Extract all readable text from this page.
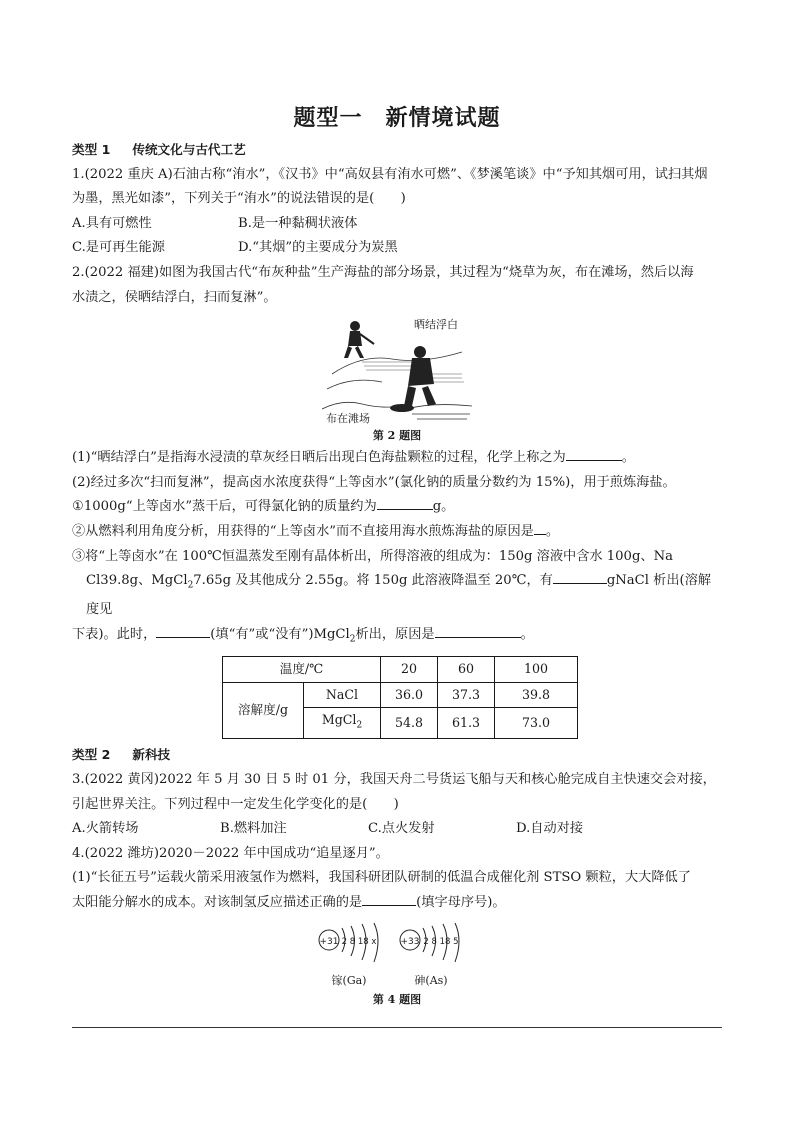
题型一　新情境试题
类型 1 传统文化与古代工艺

1.(2022 重庆 A)石油古称“洧水”，《汉书》中“高奴县有洧水可燃”、《梦溪笔谈》中“予知其烟可用，试扫其烟

为墨，黑光如漆”，下列关于“洧水”的说法错误的是(　　)

A.具有可燃性	B.是一种黏稠状液体
C.是可再生能源	D.“其烟”的主要成分为炭黑

2.(2022 福建)如图为我国古代“布灰种盐”生产海盐的部分场景，其过程为“烧草为灰，布在滩场，然后以海

水渍之，侯晒结浮白，扫而复淋”。

晒结浮白
布在滩场
第 2 题图

(1)“晒结浮白”是指海水浸渍的草灰经日晒后出现白色海盐颗粒的过程，化学上称之为	。

(2)经过多次“扫而复淋”，提高卤水浓度获得“上等卤水”(氯化钠的质量分数约为 15%)，用于煎炼海盐。

①1000g“上等卤水”蒸干后，可得氯化钠的质量约为	g。

②从燃料利用角度分析，用获得的“上等卤水”而不直接用海水煎炼海盐的原因是 。

③将“上等卤水”在 100℃恒温蒸发至刚有晶体析出，所得溶液的组成为：150g 溶液中含水 100g、Na

Cl39.8g、MgCl$_2$7.65g 及其他成分 2.55g。将 150g 此溶液降温至 20℃，有	gNaCl 析出(溶解度见

下表)。此时，	(填“有”或“没有”)MgCl$_2$析出，原因是	。

温度/℃		20	60	100
溶解度/g	NaCl	36.0	37.3	39.8
	MgCl$_2$	54.8	61.3	73.0
类型 2 新科技

3.(2022 黄冈)2022 年 5 月 30 日 5 时 01 分，我国天舟二号货运飞船与天和核心舱完成自主快速交会对接，

引起世界关注。下列过程中一定发生化学变化的是(　　)

A.火箭转场	B.燃料加注	C.点火发射	D.自动对接

4.(2022 潍坊)2020－2022 年中国成功“追星逐月”。

(1)“长征五号”运载火箭采用液氢作为燃料，我国科研团队研制的低温合成催化剂 STSO 颗粒，大大降低了

太阳能分解水的成本。对该制氢反应描述正确的是	(填字母序号)。

+31 2 8 18 x
镓(Ga)
+33 2 8 18 5
砷(As)
第 4 题图
